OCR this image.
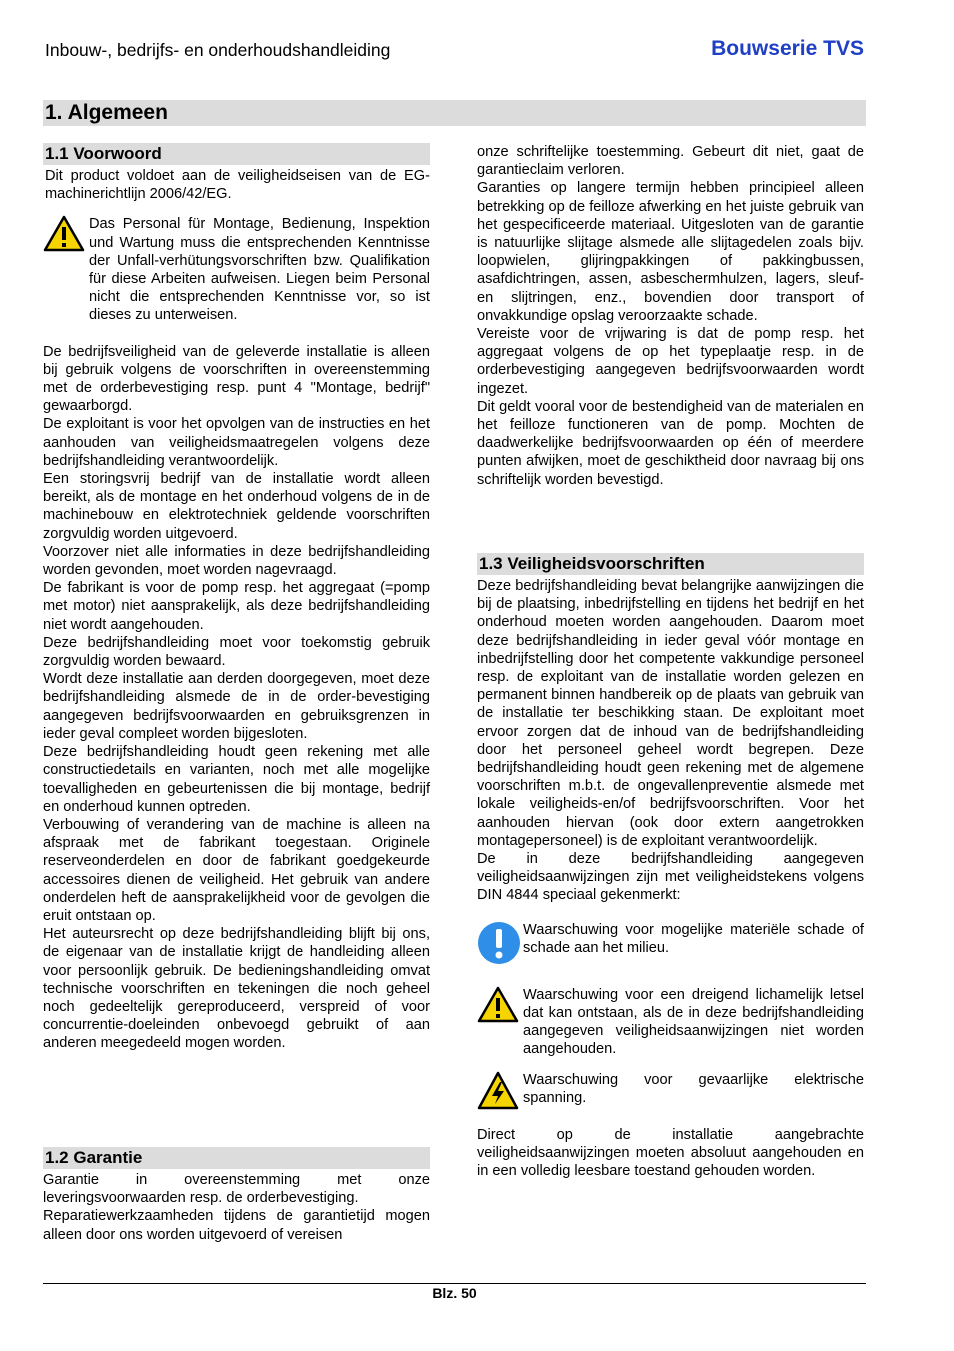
Inbouw-, bedrijfs- en onderhoudshandleiding	Bouwserie TVS
1. Algemeen
1.1 Voorwoord

Dit product voldoet aan de veiligheidseisen van de EG-machinerichtlijn 2006/42/EG.

Das Personal für Montage, Bedienung, Inspektion und Wartung muss die entsprechenden Kenntnisse der Unfall-verhütungsvorschriften bzw. Qualifikation für diese Arbeiten aufweisen. Liegen beim Personal nicht die entsprechenden Kenntnisse vor, so ist dieses zu unterweisen.

De bedrijfsveiligheid van de geleverde installatie is alleen bij gebruik volgens de voorschriften in overeenstemming met de orderbevestiging resp. punt 4 "Montage, bedrijf" gewaarborgd.

De exploitant is voor het opvolgen van de instructies en het aanhouden van veiligheidsmaatregelen volgens deze bedrijfshandleiding verantwoordelijk.

Een storingsvrij bedrijf van de installatie wordt alleen bereikt, als de montage en het onderhoud volgens de in de machinebouw en elektrotechniek geldende voorschriften zorgvuldig worden uitgevoerd.

Voorzover niet alle informaties in deze bedrijfshandleiding worden gevonden, moet worden nagevraagd.

De fabrikant is voor de pomp resp. het aggregaat (=pomp met motor) niet aansprakelijk, als deze bedrijfshandleiding niet wordt aangehouden.

Deze bedrijfshandleiding moet voor toekomstig gebruik zorgvuldig worden bewaard.

Wordt deze installatie aan derden doorgegeven, moet deze bedrijfshandleiding alsmede de in de order-bevestiging aangegeven bedrijfsvoorwaarden en gebruiksgrenzen in ieder geval compleet worden bijgesloten.

Deze bedrijfshandleiding houdt geen rekening met alle constructiedetails en varianten, noch met alle mogelijke toevalligheden en gebeurtenissen die bij montage, bedrijf en onderhoud kunnen optreden.

Verbouwing of verandering van de machine is alleen na afspraak met de fabrikant toegestaan. Originele reserveonderdelen en door de fabrikant goedgekeurde accessoires dienen de veiligheid. Het gebruik van andere onderdelen heft de aansprakelijkheid voor de gevolgen die eruit ontstaan op.

Het auteursrecht op deze bedrijfshandleiding blijft bij ons, de eigenaar van de installatie krijgt de handleiding alleen voor persoonlijk gebruik. De bedieningshandleiding omvat technische voorschriften en tekeningen die noch geheel noch gedeeltelijk gereproduceerd, verspreid of voor concurrentie-doeleinden onbevoegd gebruikt of aan anderen meegedeeld mogen worden.

1.2 Garantie

Garantie in overeenstemming met onze leveringsvoorwaarden resp. de orderbevestiging.

Reparatiewerkzaamheden tijdens de garantietijd mogen alleen door ons worden uitgevoerd of vereisen

onze schriftelijke toestemming. Gebeurt dit niet, gaat de garantieclaim verloren.

Garanties op langere termijn hebben principieel alleen betrekking op de feilloze afwerking en het juiste gebruik van het gespecificeerde materiaal. Uitgesloten van de garantie is natuurlijke slijtage alsmede alle slijtagedelen zoals bijv. loopwielen, glijringpakkingen of pakkingbussen, asafdichtringen, assen, asbeschermhulzen, lagers, sleuf- en slijtringen, enz., bovendien door transport of onvakkundige opslag veroorzaakte schade.

Vereiste voor de vrijwaring is dat de pomp resp. het aggregaat volgens de op het typeplaatje resp. in de orderbevestiging aangegeven bedrijfsvoorwaarden wordt ingezet.

Dit geldt vooral voor de bestendigheid van de materialen en het feilloze functioneren van de pomp. Mochten de daadwerkelijke bedrijfsvoorwaarden op één of meerdere punten afwijken, moet de geschiktheid door navraag bij ons schriftelijk worden bevestigd.

1.3 Veiligheidsvoorschriften

Deze bedrijfshandleiding bevat belangrijke aanwijzingen die bij de plaatsing, inbedrijfstelling en tijdens het bedrijf en het onderhoud moeten worden aangehouden. Daarom moet deze bedrijfshandleiding in ieder geval vóór montage en inbedrijfstelling door het competente vakkundige personeel resp. de exploitant van de installatie worden gelezen en permanent binnen handbereik op de plaats van gebruik van de installatie ter beschikking staan. De exploitant moet ervoor zorgen dat de inhoud van de bedrijfshandleiding door het personeel geheel wordt begrepen. Deze bedrijfshandleiding houdt geen rekening met de algemene voorschriften m.b.t. de ongevallenpreventie alsmede met lokale veiligheids-en/of bedrijfsvoorschriften. Voor het aanhouden hiervan (ook door extern aangetrokken montagepersoneel) is de exploitant verantwoordelijk.

De in deze bedrijfshandleiding aangegeven veiligheidsaanwijzingen zijn met veiligheidstekens volgens DIN 4844 speciaal gekenmerkt:

Waarschuwing voor mogelijke materiële schade of schade aan het milieu.
Waarschuwing voor een dreigend lichamelijk letsel dat kan ontstaan, als de in deze bedrijfshandleiding aangegeven veiligheidsaanwijzingen niet worden aangehouden.
Waarschuwing voor gevaarlijke elektrische spanning.

Direct op de installatie aangebrachte veiligheidsaanwijzingen moeten absoluut aangehouden en in een volledig leesbare toestand gehouden worden.

Blz. 50
